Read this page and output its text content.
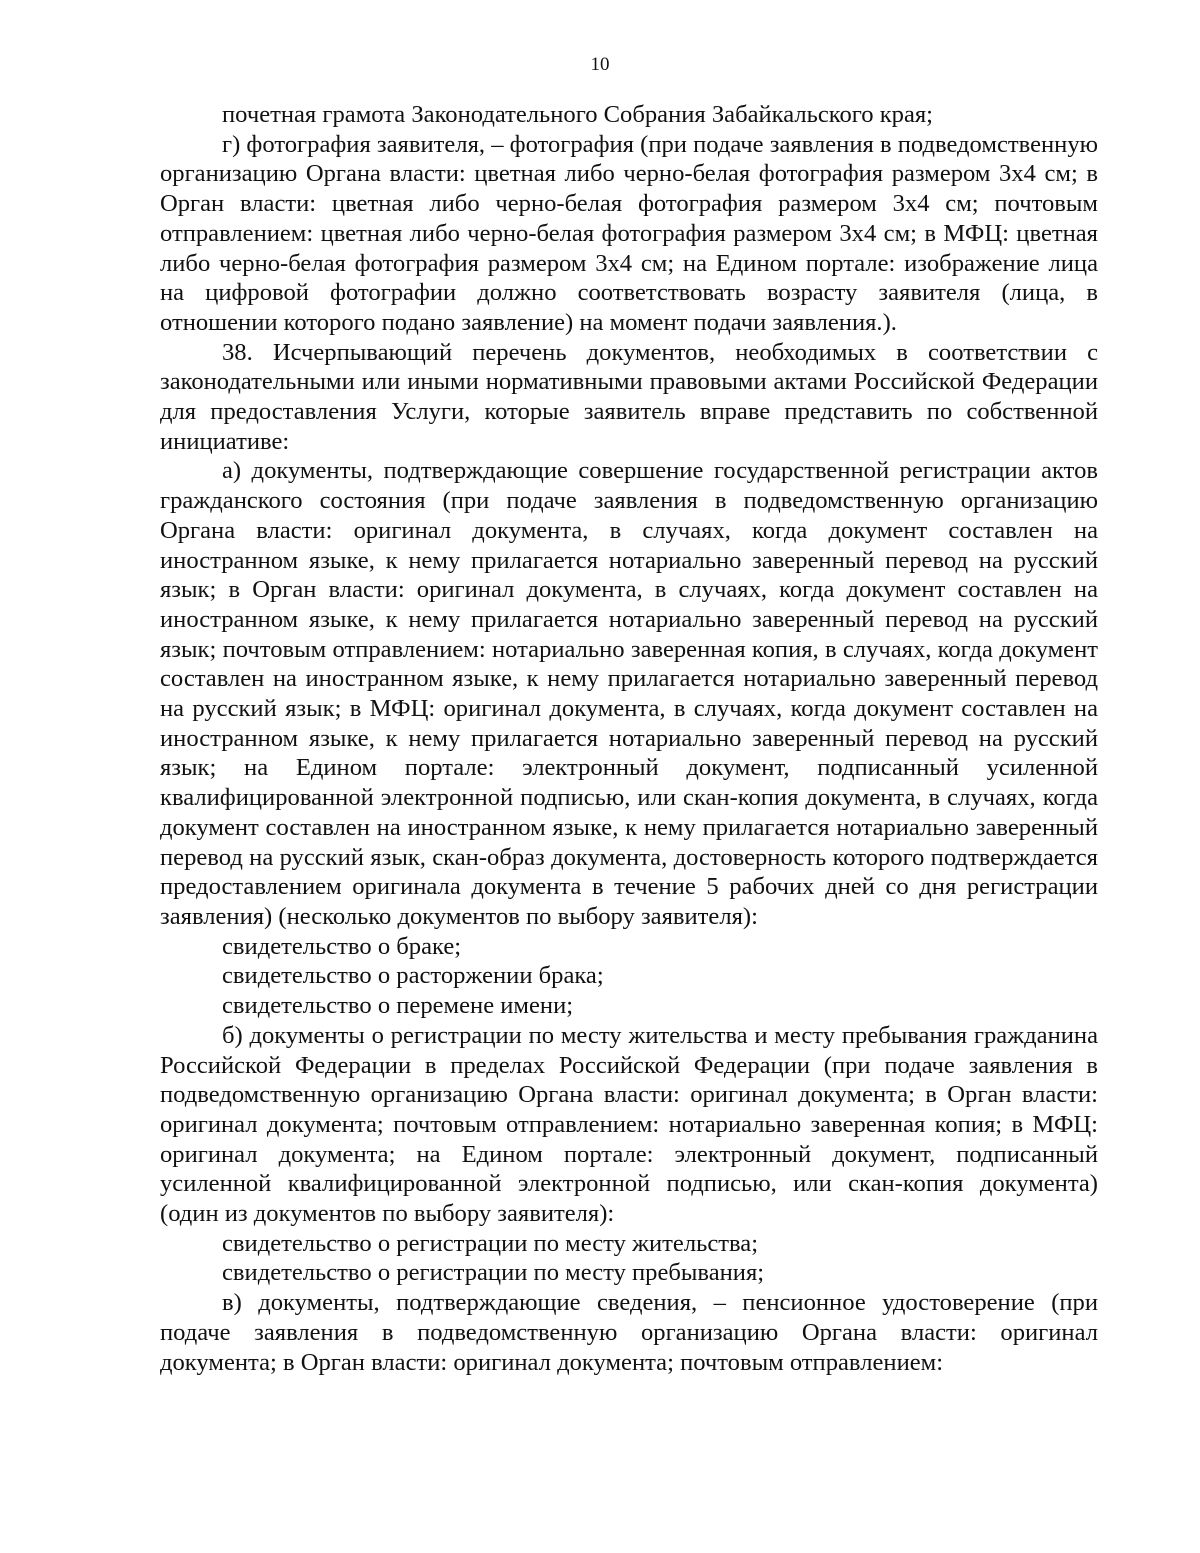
10

почетная грамота Законодательного Собрания Забайкальского края;

г) фотография заявителя, – фотография (при подаче заявления в подведомственную организацию Органа власти: цветная либо черно-белая фотография размером 3х4 см; в Орган власти: цветная либо черно-белая фотография размером 3х4 см; почтовым отправлением: цветная либо черно-белая фотография размером 3х4 см; в МФЦ: цветная либо черно-белая фотография размером 3х4 см; на Едином портале: изображение лица на цифровой фотографии должно соответствовать возрасту заявителя (лица, в отношении которого подано заявление) на момент подачи заявления.).

38. Исчерпывающий перечень документов, необходимых в соответствии с законодательными или иными нормативными правовыми актами Российской Федерации для предоставления Услуги, которые заявитель вправе представить по собственной инициативе:

а) документы, подтверждающие совершение государственной регистрации актов гражданского состояния (при подаче заявления в подведомственную организацию Органа власти: оригинал документа, в случаях, когда документ составлен на иностранном языке, к нему прилагается нотариально заверенный перевод на русский язык; в Орган власти: оригинал документа, в случаях, когда документ составлен на иностранном языке, к нему прилагается нотариально заверенный перевод на русский язык; почтовым отправлением: нотариально заверенная копия, в случаях, когда документ составлен на иностранном языке, к нему прилагается нотариально заверенный перевод на русский язык; в МФЦ: оригинал документа, в случаях, когда документ составлен на иностранном языке, к нему прилагается нотариально заверенный перевод на русский язык; на Едином портале: электронный документ, подписанный усиленной квалифицированной электронной подписью, или скан-копия документа, в случаях, когда документ составлен на иностранном языке, к нему прилагается нотариально заверенный перевод на русский язык, скан-образ документа, достоверность которого подтверждается предоставлением оригинала документа в течение 5 рабочих дней со дня регистрации заявления) (несколько документов по выбору заявителя):

свидетельство о браке;

свидетельство о расторжении брака;

свидетельство о перемене имени;

б) документы о регистрации по месту жительства и месту пребывания гражданина Российской Федерации в пределах Российской Федерации (при подаче заявления в подведомственную организацию Органа власти: оригинал документа; в Орган власти: оригинал документа; почтовым отправлением: нотариально заверенная копия; в МФЦ: оригинал документа; на Едином портале: электронный документ, подписанный усиленной квалифицированной электронной подписью, или скан-копия документа) (один из документов по выбору заявителя):

свидетельство о регистрации по месту жительства;

свидетельство о регистрации по месту пребывания;

в) документы, подтверждающие сведения, – пенсионное удостоверение (при подаче заявления в подведомственную организацию Органа власти: оригинал документа; в Орган власти: оригинал документа; почтовым отправлением:
